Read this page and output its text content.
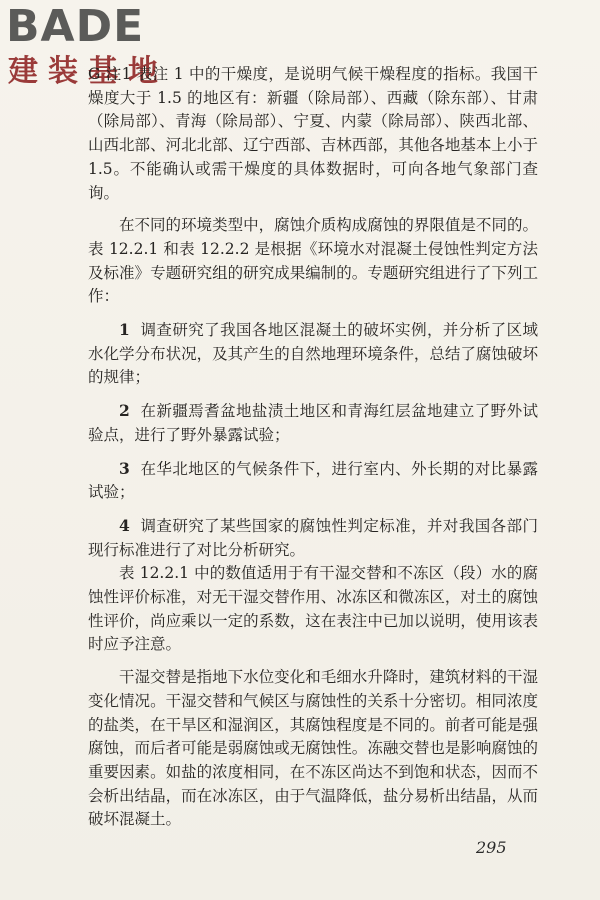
BADE
建装基地

G 注1 表注 1 中的干燥度，是说明气候干燥程度的指标。我国干燥度大于 1.5 的地区有：新疆（除局部）、西藏（除东部）、甘肃（除局部）、青海（除局部）、宁夏、内蒙（除局部）、陕西北部、山西北部、河北北部、辽宁西部、吉林西部，其他各地基本上小于 1.5。不能确认或需干燥度的具体数据时，可向各地气象部门查询。

在不同的环境类型中，腐蚀介质构成腐蚀的界限值是不同的。表 12.2.1 和表 12.2.2 是根据《环境水对混凝土侵蚀性判定方法及标准》专题研究组的研究成果编制的。专题研究组进行了下列工作：

1 调查研究了我国各地区混凝土的破坏实例，并分析了区域水化学分布状况，及其产生的自然地理环境条件，总结了腐蚀破坏的规律；

2 在新疆焉耆盆地盐渍土地区和青海红层盆地建立了野外试验点，进行了野外暴露试验；

3 在华北地区的气候条件下，进行室内、外长期的对比暴露试验；

4 调查研究了某些国家的腐蚀性判定标准，并对我国各部门现行标准进行了对比分析研究。

表 12.2.1 中的数值适用于有干湿交替和不冻区（段）水的腐蚀性评价标准，对无干湿交替作用、冰冻区和微冻区，对土的腐蚀性评价，尚应乘以一定的系数，这在表注中已加以说明，使用该表时应予注意。

干湿交替是指地下水位变化和毛细水升降时，建筑材料的干湿变化情况。干湿交替和气候区与腐蚀性的关系十分密切。相同浓度的盐类，在干旱区和湿润区，其腐蚀程度是不同的。前者可能是强腐蚀，而后者可能是弱腐蚀或无腐蚀性。冻融交替也是影响腐蚀的重要因素。如盐的浓度相同，在不冻区尚达不到饱和状态，因而不会析出结晶，而在冰冻区，由于气温降低，盐分易析出结晶，从而破坏混凝土。

295
